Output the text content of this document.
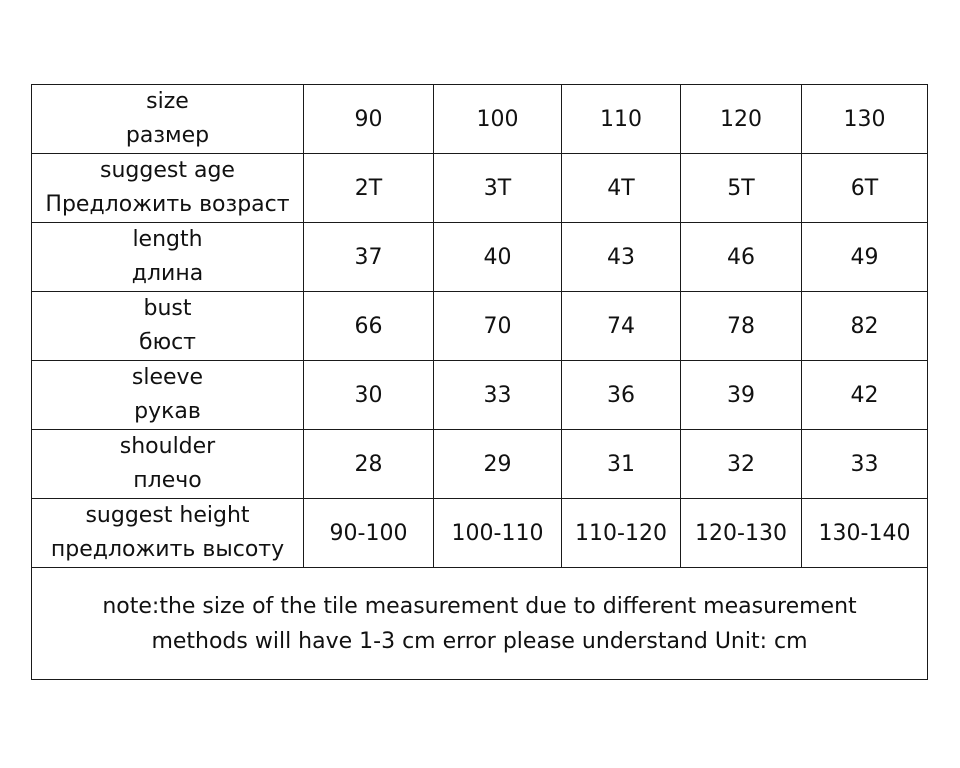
size
размер	90	100	110	120	130

suggest age
Предложить возраст	2T	3T	4T	5T	6T

length
длина	37	40	43	46	49

bust
бюст	66	70	74	78	82

sleeve
рукав	30	33	36	39	42

shoulder
плечо	28	29	31	32	33

suggest height
предложить высоту	90-100	100-110	110-120	120-130	130-140

note:the size of the tile measurement due to different measurement
methods will have 1-3 cm error please understand Unit: cm					
